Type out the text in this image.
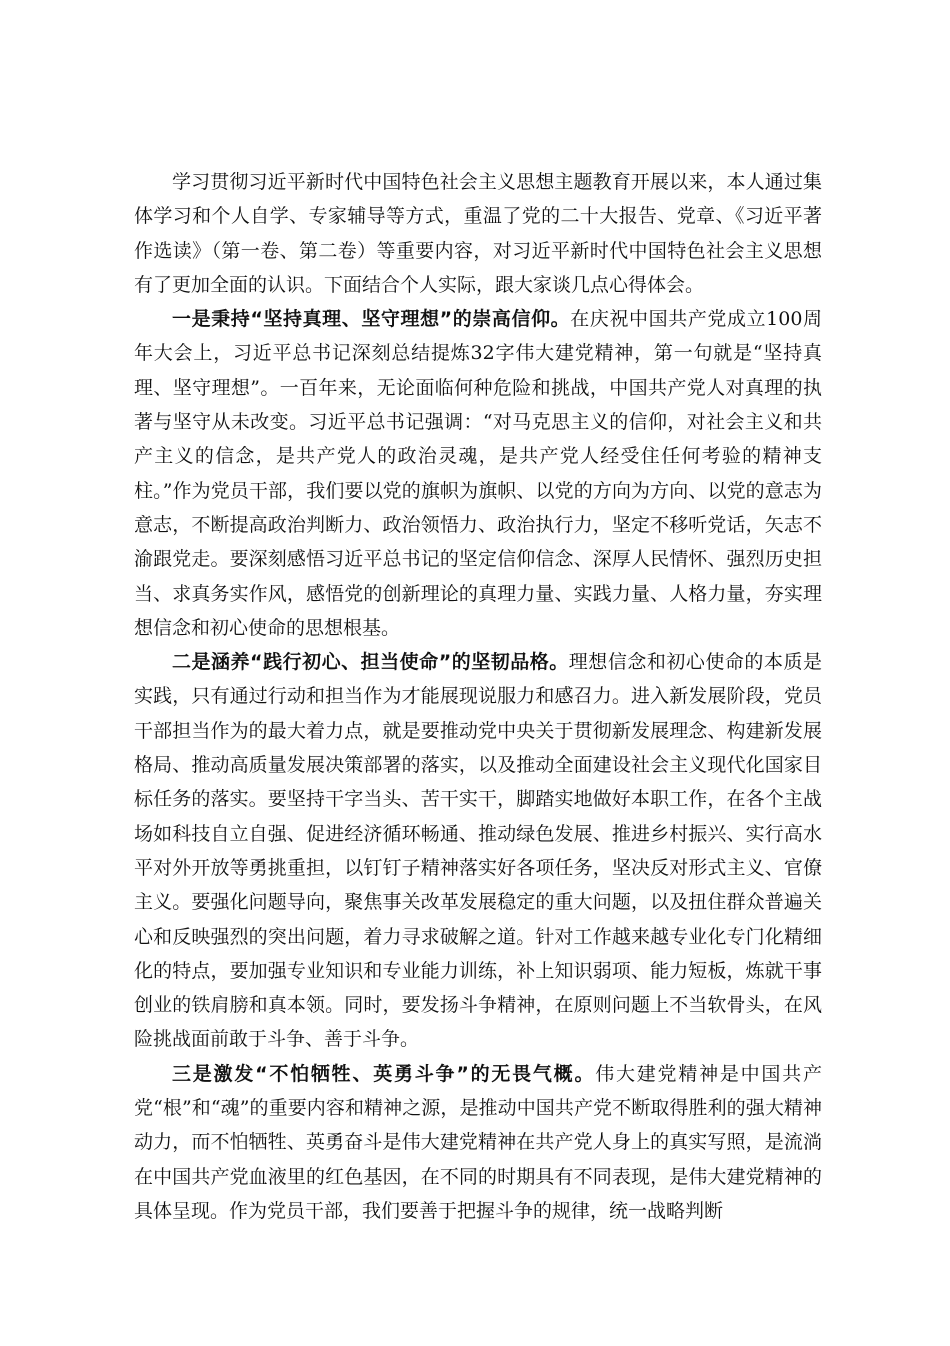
学习贯彻习近平新时代中国特色社会主义思想主题教育开展以来，本人通过集体学习和个人自学、专家辅导等方式，重温了党的二十大报告、党章、《习近平著作选读》（第一卷、第二卷）等重要内容，对习近平新时代中国特色社会主义思想有了更加全面的认识。下面结合个人实际，跟大家谈几点心得体会。

一是秉持“坚持真理、坚守理想”的崇高信仰。在庆祝中国共产党成立100周年大会上，习近平总书记深刻总结提炼32字伟大建党精神，第一句就是“坚持真理、坚守理想”。一百年来，无论面临何种危险和挑战，中国共产党人对真理的执著与坚守从未改变。习近平总书记强调：“对马克思主义的信仰，对社会主义和共产主义的信念，是共产党人的政治灵魂，是共产党人经受住任何考验的精神支柱。”作为党员干部，我们要以党的旗帜为旗帜、以党的方向为方向、以党的意志为意志，不断提高政治判断力、政治领悟力、政治执行力，坚定不移听党话，矢志不渝跟党走。要深刻感悟习近平总书记的坚定信仰信念、深厚人民情怀、强烈历史担当、求真务实作风，感悟党的创新理论的真理力量、实践力量、人格力量，夯实理想信念和初心使命的思想根基。

二是涵养“践行初心、担当使命”的坚韧品格。理想信念和初心使命的本质是实践，只有通过行动和担当作为才能展现说服力和感召力。进入新发展阶段，党员干部担当作为的最大着力点，就是要推动党中央关于贯彻新发展理念、构建新发展格局、推动高质量发展决策部署的落实，以及推动全面建设社会主义现代化国家目标任务的落实。要坚持干字当头、苦干实干，脚踏实地做好本职工作，在各个主战场如科技自立自强、促进经济循环畅通、推动绿色发展、推进乡村振兴、实行高水平对外开放等勇挑重担，以钉钉子精神落实好各项任务，坚决反对形式主义、官僚主义。要强化问题导向，聚焦事关改革发展稳定的重大问题，以及扭住群众普遍关心和反映强烈的突出问题，着力寻求破解之道。针对工作越来越专业化专门化精细化的特点，要加强专业知识和专业能力训练，补上知识弱项、能力短板，炼就干事创业的铁肩膀和真本领。同时，要发扬斗争精神，在原则问题上不当软骨头，在风险挑战面前敢于斗争、善于斗争。

三是激发“不怕牺牲、英勇斗争”的无畏气概。伟大建党精神是中国共产党“根”和“魂”的重要内容和精神之源，是推动中国共产党不断取得胜利的强大精神动力，而不怕牺牲、英勇奋斗是伟大建党精神在共产党人身上的真实写照，是流淌在中国共产党血液里的红色基因，在不同的时期具有不同表现，是伟大建党精神的具体呈现。作为党员干部，我们要善于把握斗争的规律，统一战略判断
